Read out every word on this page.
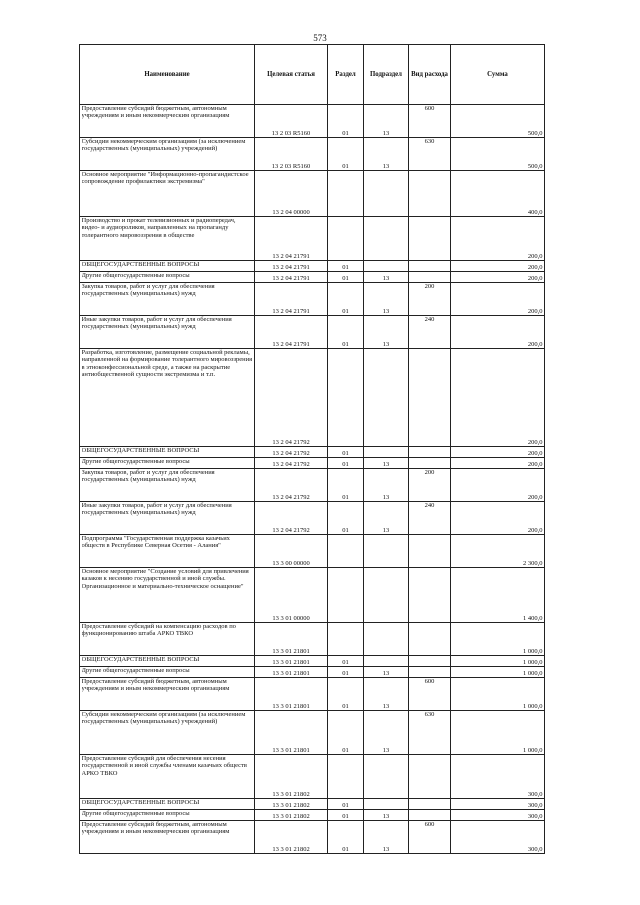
573
Наименование	Целевая статья	Раздел	Подраздел	Вид расхода	Сумма

Предоставление субсидий бюджетным, автономным учреждениям и иным некоммерческим организациям	13 2 03 R5160	01	13	600	500,0

Субсидии некоммерческим организациям (за исключением государственных (муниципальных) учреждений)	13 2 03 R5160	01	13	630	500,0

Основное мероприятие "Информационно-пропагандистское сопровождение профилактики экстремизма"	13 2 04 00000				400,0

Производство и прокат телевизионных и радиопередач, видео- и аудиороликов, направленных на пропаганду толерантного мировоззрения в обществе	13 2 04 21791				200,0

ОБЩЕГОСУДАРСТВЕННЫЕ ВОПРОСЫ	13 2 04 21791	01			200,0

Другие общегосударственные вопросы	13 2 04 21791	01	13		200,0

Закупка товаров, работ и услуг для обеспечения государственных (муниципальных) нужд	13 2 04 21791	01	13	200	200,0

Иные закупки товаров, работ и услуг для обеспечения государственных (муниципальных) нужд	13 2 04 21791	01	13	240	200,0

Разработка, изготовление, размещение социальной рекламы, направленной на формирование толерантного мировоззрения в этноконфессиональной среде, а также на раскрытие антиобщественной сущности экстремизма и т.п.	13 2 04 21792				200,0

ОБЩЕГОСУДАРСТВЕННЫЕ ВОПРОСЫ	13 2 04 21792	01			200,0

Другие общегосударственные вопросы	13 2 04 21792	01	13		200,0

Закупка товаров, работ и услуг для обеспечения государственных (муниципальных) нужд	13 2 04 21792	01	13	200	200,0

Иные закупки товаров, работ и услуг для обеспечения государственных (муниципальных) нужд	13 2 04 21792	01	13	240	200,0

Подпрограмма "Государственная поддержка казачьих обществ в Республике Северная Осетия - Алания"	13 3 00 00000				2 300,0

Основное мероприятие "Создание условий для привлечения казаков к несению государственной и иной службы. Организационное и материально-техническое оснащение"	13 3 01 00000				1 400,0

Предоставление субсидий на компенсацию расходов по функционированию штаба АРКО ТВКО	13 3 01 21801				1 000,0

ОБЩЕГОСУДАРСТВЕННЫЕ ВОПРОСЫ	13 3 01 21801	01			1 000,0

Другие общегосударственные вопросы	13 3 01 21801	01	13		1 000,0

Предоставление субсидий бюджетным, автономным учреждениям и иным некоммерческим организациям	13 3 01 21801	01	13	600	1 000,0

Субсидии некоммерческим организациям (за исключением государственных (муниципальных) учреждений)	13 3 01 21801	01	13	630	1 000,0

Предоставление субсидий для обеспечения несения государственной и иной службы членами казачьих обществ АРКО ТВКО	13 3 01 21802				300,0

ОБЩЕГОСУДАРСТВЕННЫЕ ВОПРОСЫ	13 3 01 21802	01			300,0

Другие общегосударственные вопросы	13 3 01 21802	01	13		300,0

Предоставление субсидий бюджетным, автономным учреждениям и иным некоммерческим организациям	13 3 01 21802	01	13	600	300,0
